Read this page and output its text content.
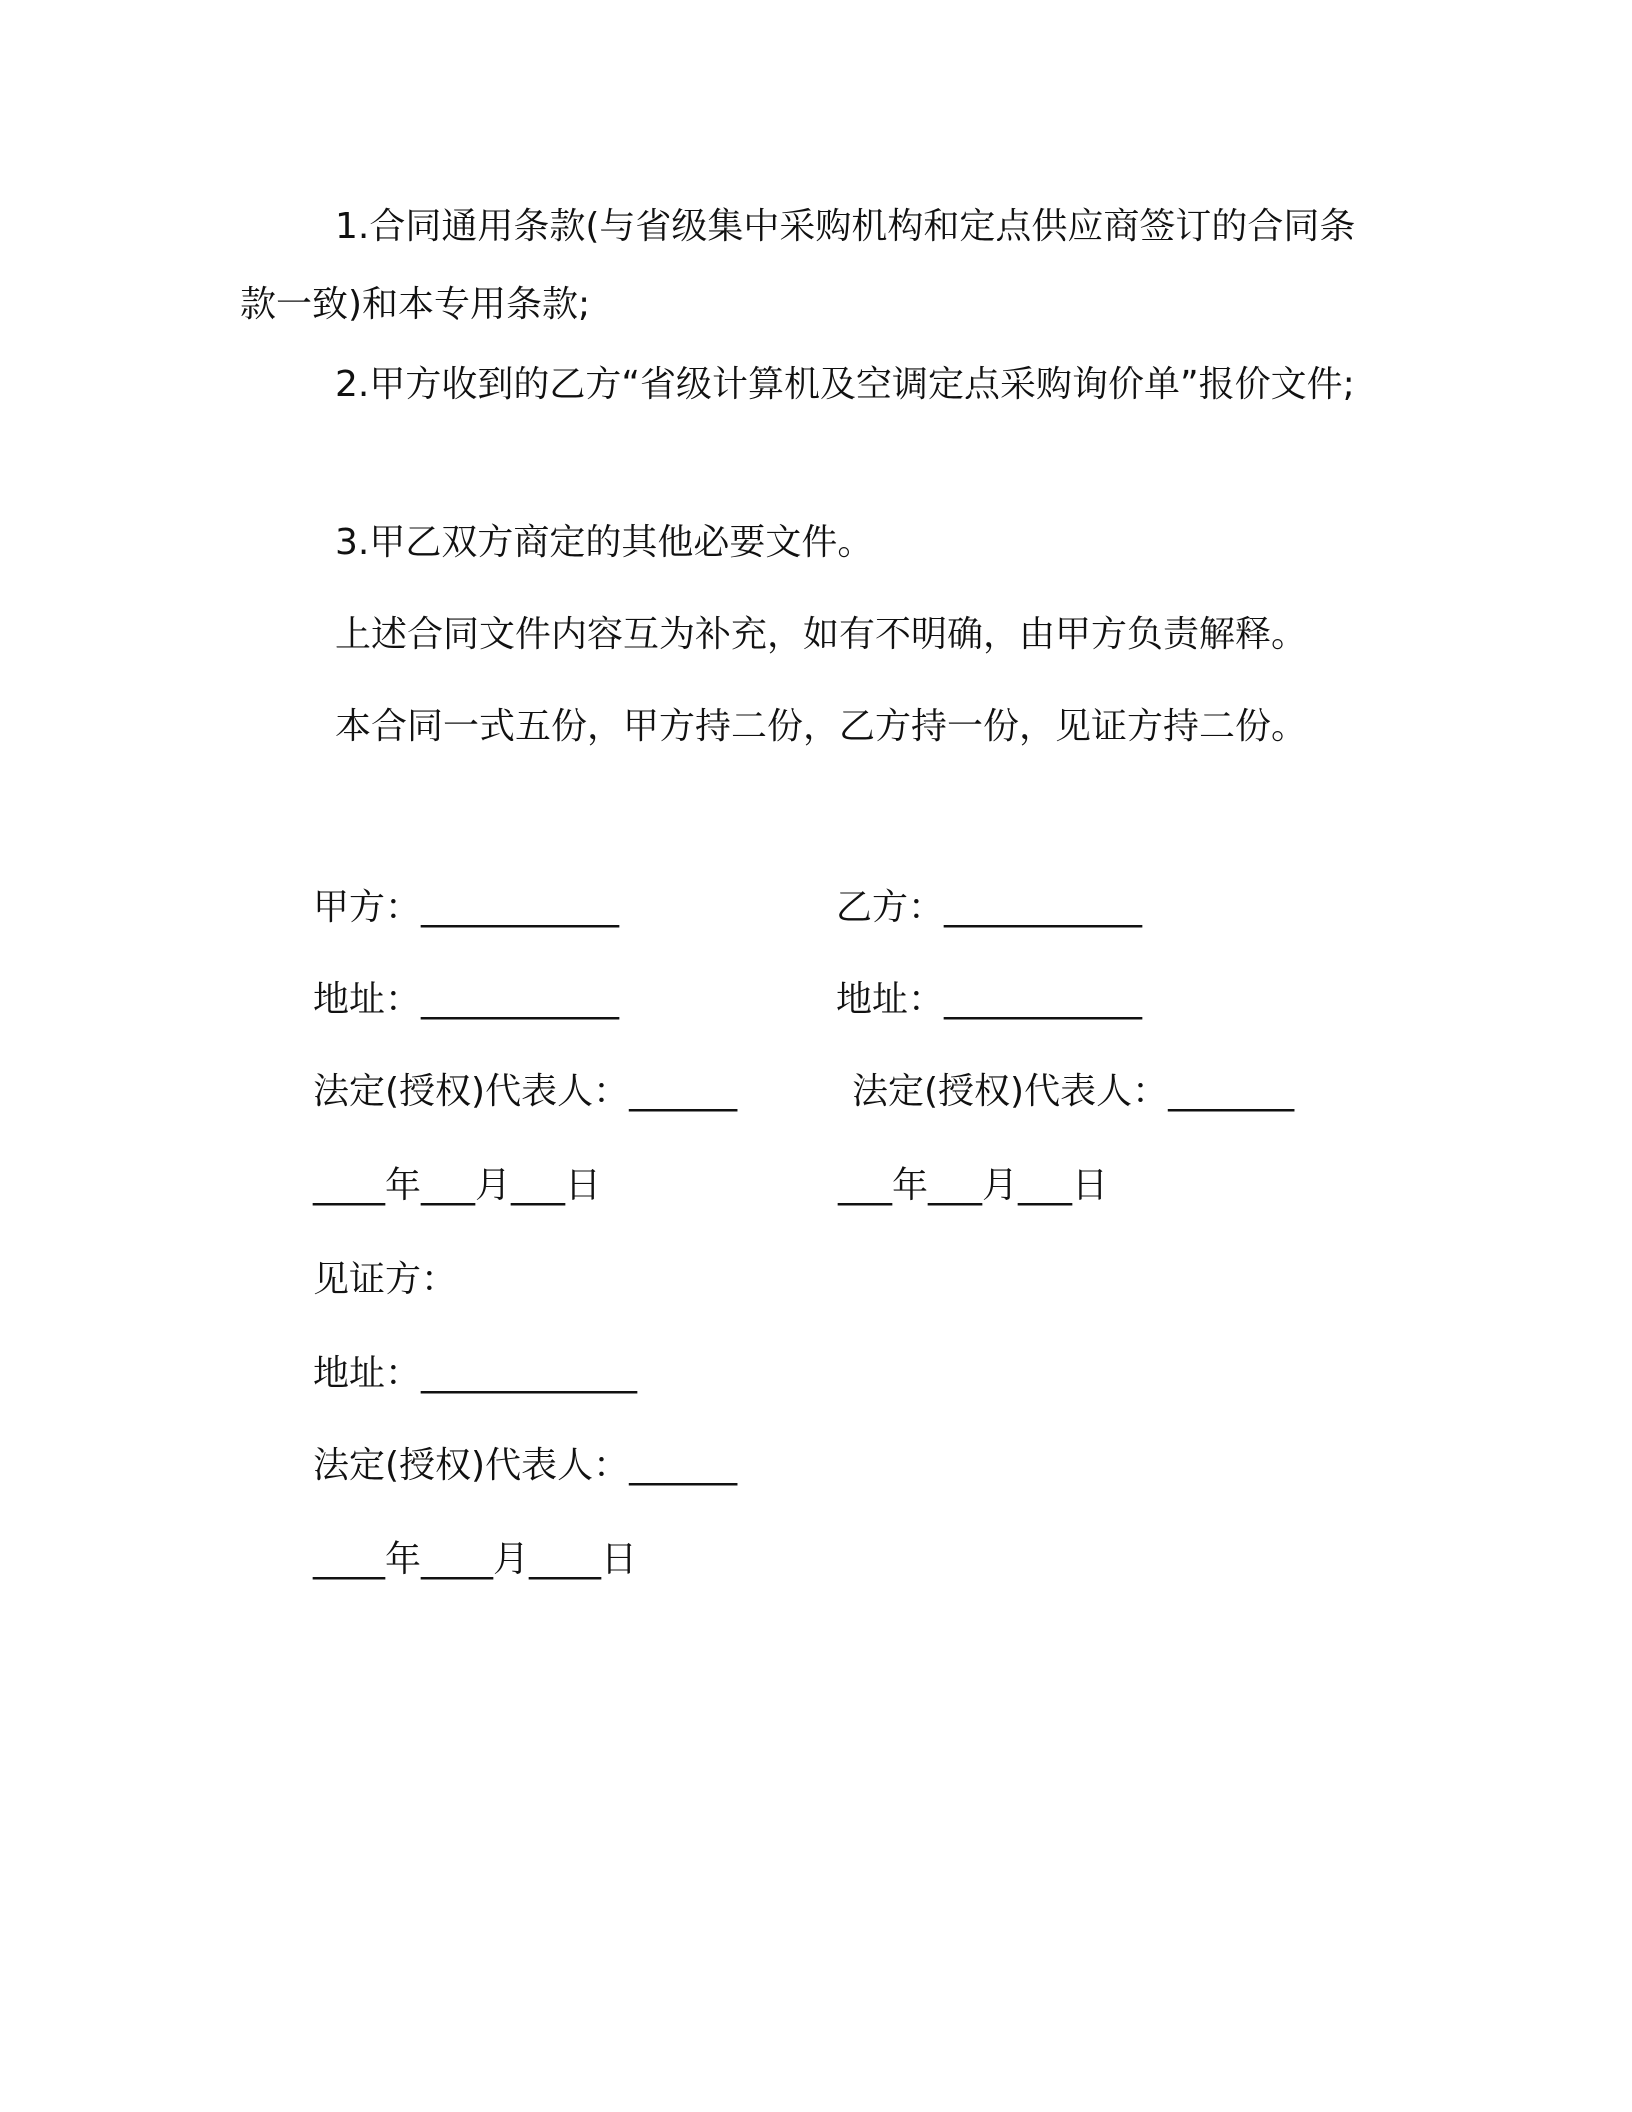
1.合同通用条款(与省级集中采购机构和定点供应商签订的合同条款一致)和本专用条款;

2.甲方收到的乙方“省级计算机及空调定点采购询价单”报价文件;

3.甲乙双方商定的其他必要文件。

上述合同文件内容互为补充，如有不明确，由甲方负责解释。

本合同一式五份，甲方持二份，乙方持一份，见证方持二份。

甲方：___________

地址：___________

法定(授权)代表人：______

____年___月___日

乙方：___________

地址：___________

法定(授权)代表人：_______

___年___月___日

见证方：

地址：____________

法定(授权)代表人：______

____年____月____日
